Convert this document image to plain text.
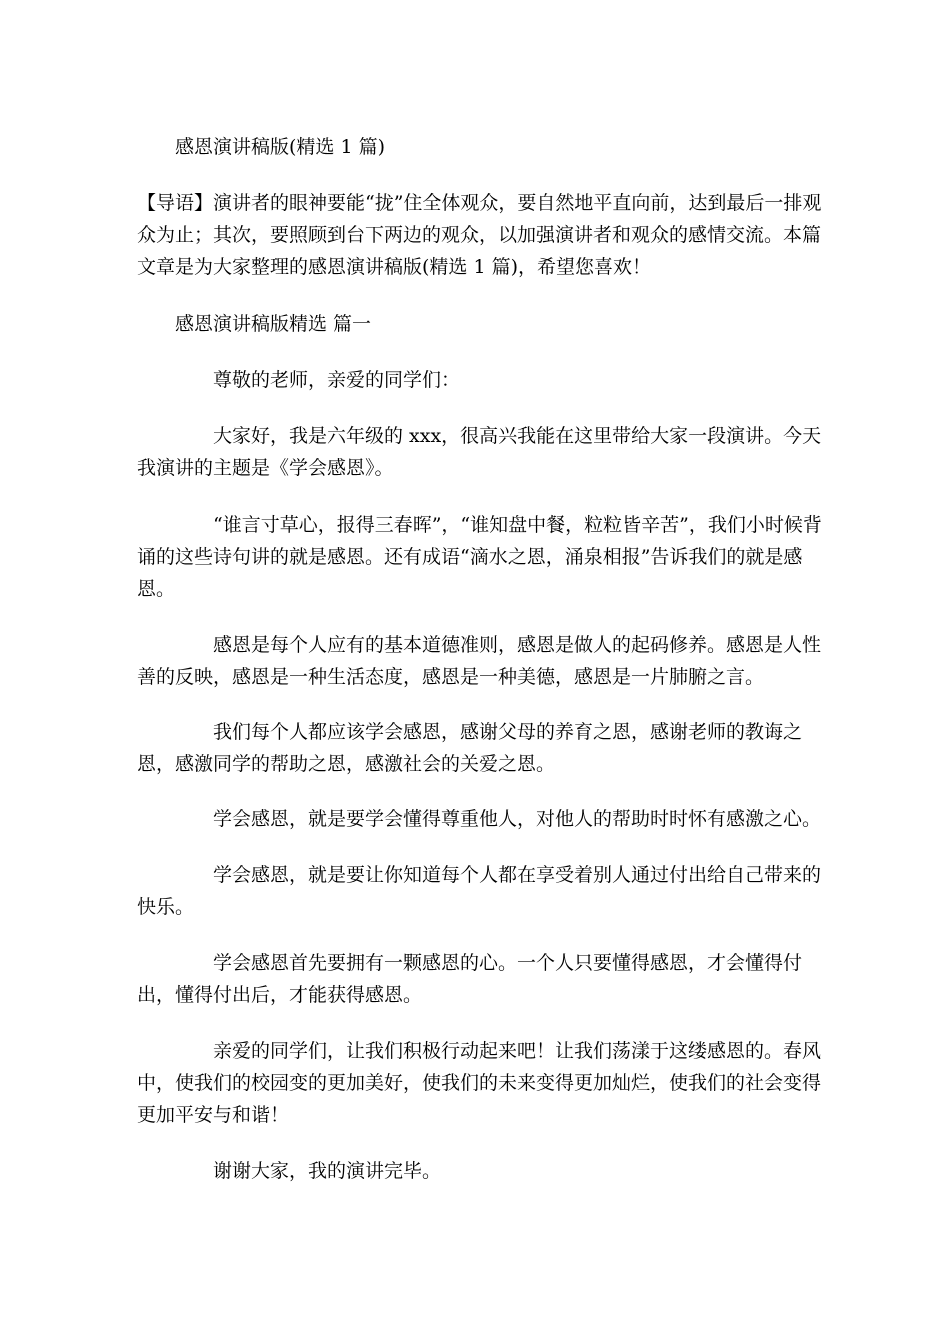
感恩演讲稿版(精选 1 篇)

【导语】演讲者的眼神要能“拢”住全体观众，要自然地平直向前，达到最后一排观众为止；其次，要照顾到台下两边的观众，以加强演讲者和观众的感情交流。本篇文章是为大家整理的感恩演讲稿版(精选 1 篇)，希望您喜欢！

感恩演讲稿版精选 篇一

尊敬的老师，亲爱的同学们：

大家好，我是六年级的 xxx，很高兴我能在这里带给大家一段演讲。今天我演讲的主题是《学会感恩》。

“谁言寸草心，报得三春晖”，“谁知盘中餐，粒粒皆辛苦”，我们小时候背诵的这些诗句讲的就是感恩。还有成语“滴水之恩，涌泉相报”告诉我们的就是感恩。

感恩是每个人应有的基本道德准则，感恩是做人的起码修养。感恩是人性善的反映，感恩是一种生活态度，感恩是一种美德，感恩是一片肺腑之言。

我们每个人都应该学会感恩，感谢父母的养育之恩，感谢老师的教诲之恩，感激同学的帮助之恩，感激社会的关爱之恩。

学会感恩，就是要学会懂得尊重他人，对他人的帮助时时怀有感激之心。

学会感恩，就是要让你知道每个人都在享受着别人通过付出给自己带来的快乐。

学会感恩首先要拥有一颗感恩的心。一个人只要懂得感恩，才会懂得付出，懂得付出后，才能获得感恩。

亲爱的同学们，让我们积极行动起来吧！让我们荡漾于这缕感恩的。春风中，使我们的校园变的更加美好，使我们的未来变得更加灿烂，使我们的社会变得更加平安与和谐！

谢谢大家，我的演讲完毕。
